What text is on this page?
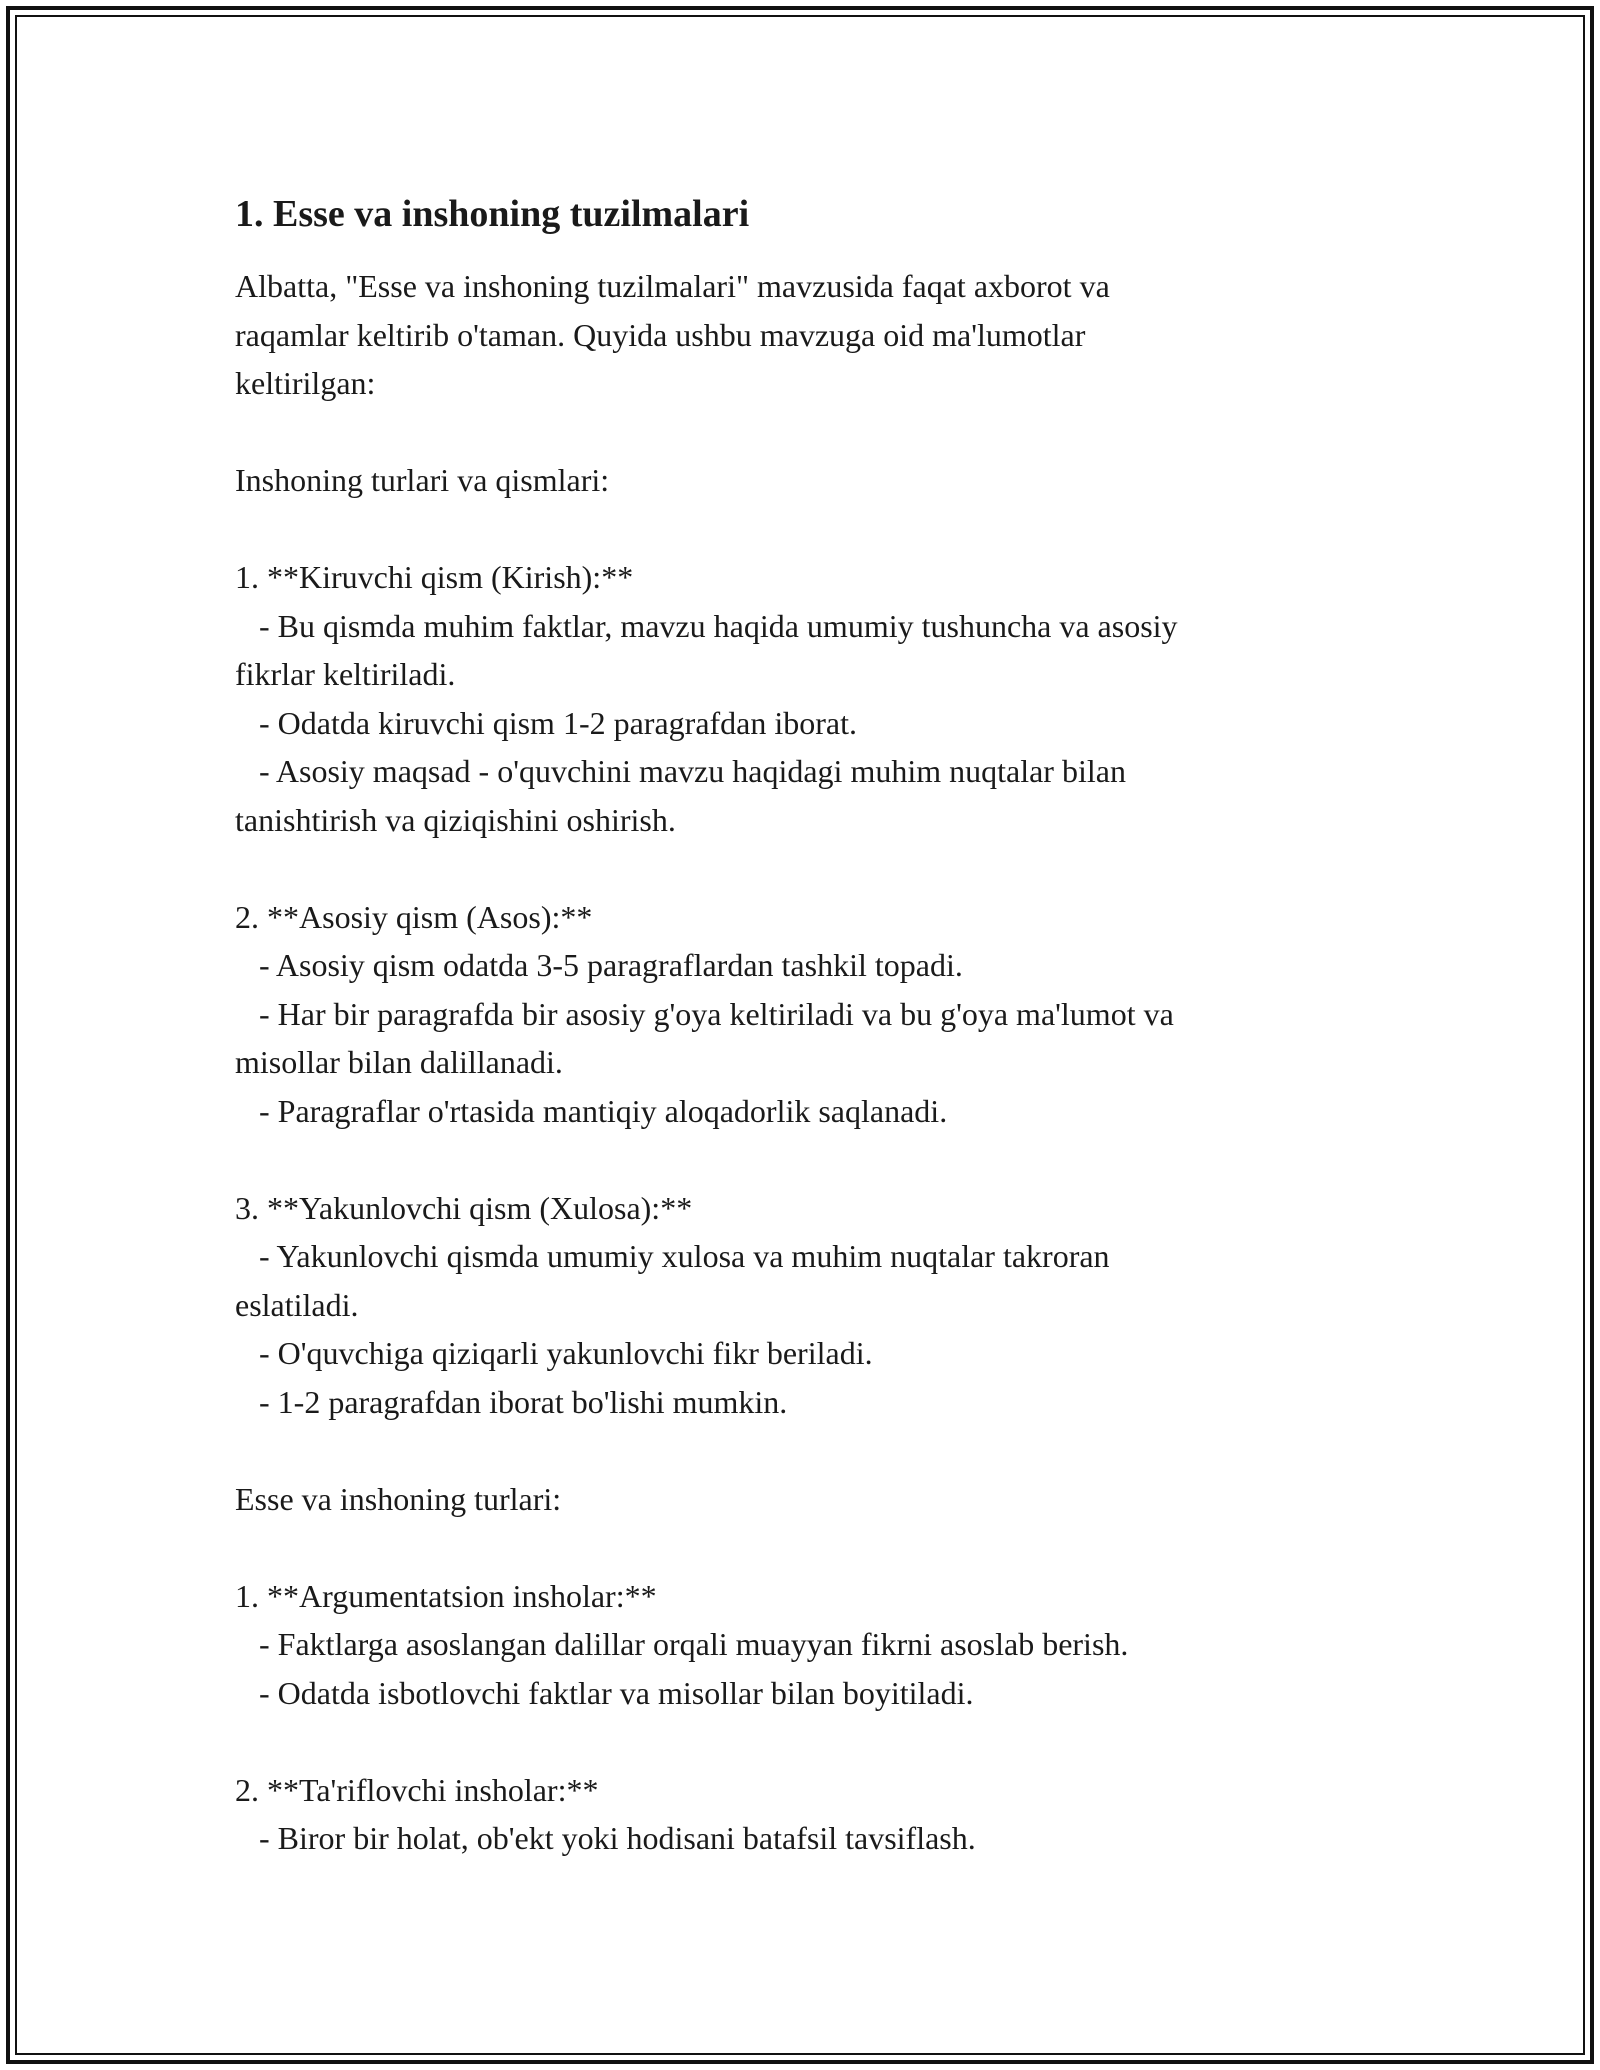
1. Esse va inshoning tuzilmalari

Albatta, "Esse va inshoning tuzilmalari" mavzusida faqat axborot va

raqamlar keltirib o'taman. Quyida ushbu mavzuga oid ma'lumotlar

keltirilgan:

Inshoning turlari va qismlari:

1. **Kiruvchi qism (Kirish):**

- Bu qismda muhim faktlar, mavzu haqida umumiy tushuncha va asosiy

fikrlar keltiriladi.

- Odatda kiruvchi qism 1-2 paragrafdan iborat.

- Asosiy maqsad - o'quvchini mavzu haqidagi muhim nuqtalar bilan

tanishtirish va qiziqishini oshirish.

2. **Asosiy qism (Asos):**

- Asosiy qism odatda 3-5 paragraflardan tashkil topadi.

- Har bir paragrafda bir asosiy g'oya keltiriladi va bu g'oya ma'lumot va

misollar bilan dalillanadi.

- Paragraflar o'rtasida mantiqiy aloqadorlik saqlanadi.

3. **Yakunlovchi qism (Xulosa):**

- Yakunlovchi qismda umumiy xulosa va muhim nuqtalar takroran

eslatiladi.

- O'quvchiga qiziqarli yakunlovchi fikr beriladi.

- 1-2 paragrafdan iborat bo'lishi mumkin.

Esse va inshoning turlari:

1. **Argumentatsion insholar:**

- Faktlarga asoslangan dalillar orqali muayyan fikrni asoslab berish.

- Odatda isbotlovchi faktlar va misollar bilan boyitiladi.

2. **Ta'riflovchi insholar:**

- Biror bir holat, ob'ekt yoki hodisani batafsil tavsiflash.
